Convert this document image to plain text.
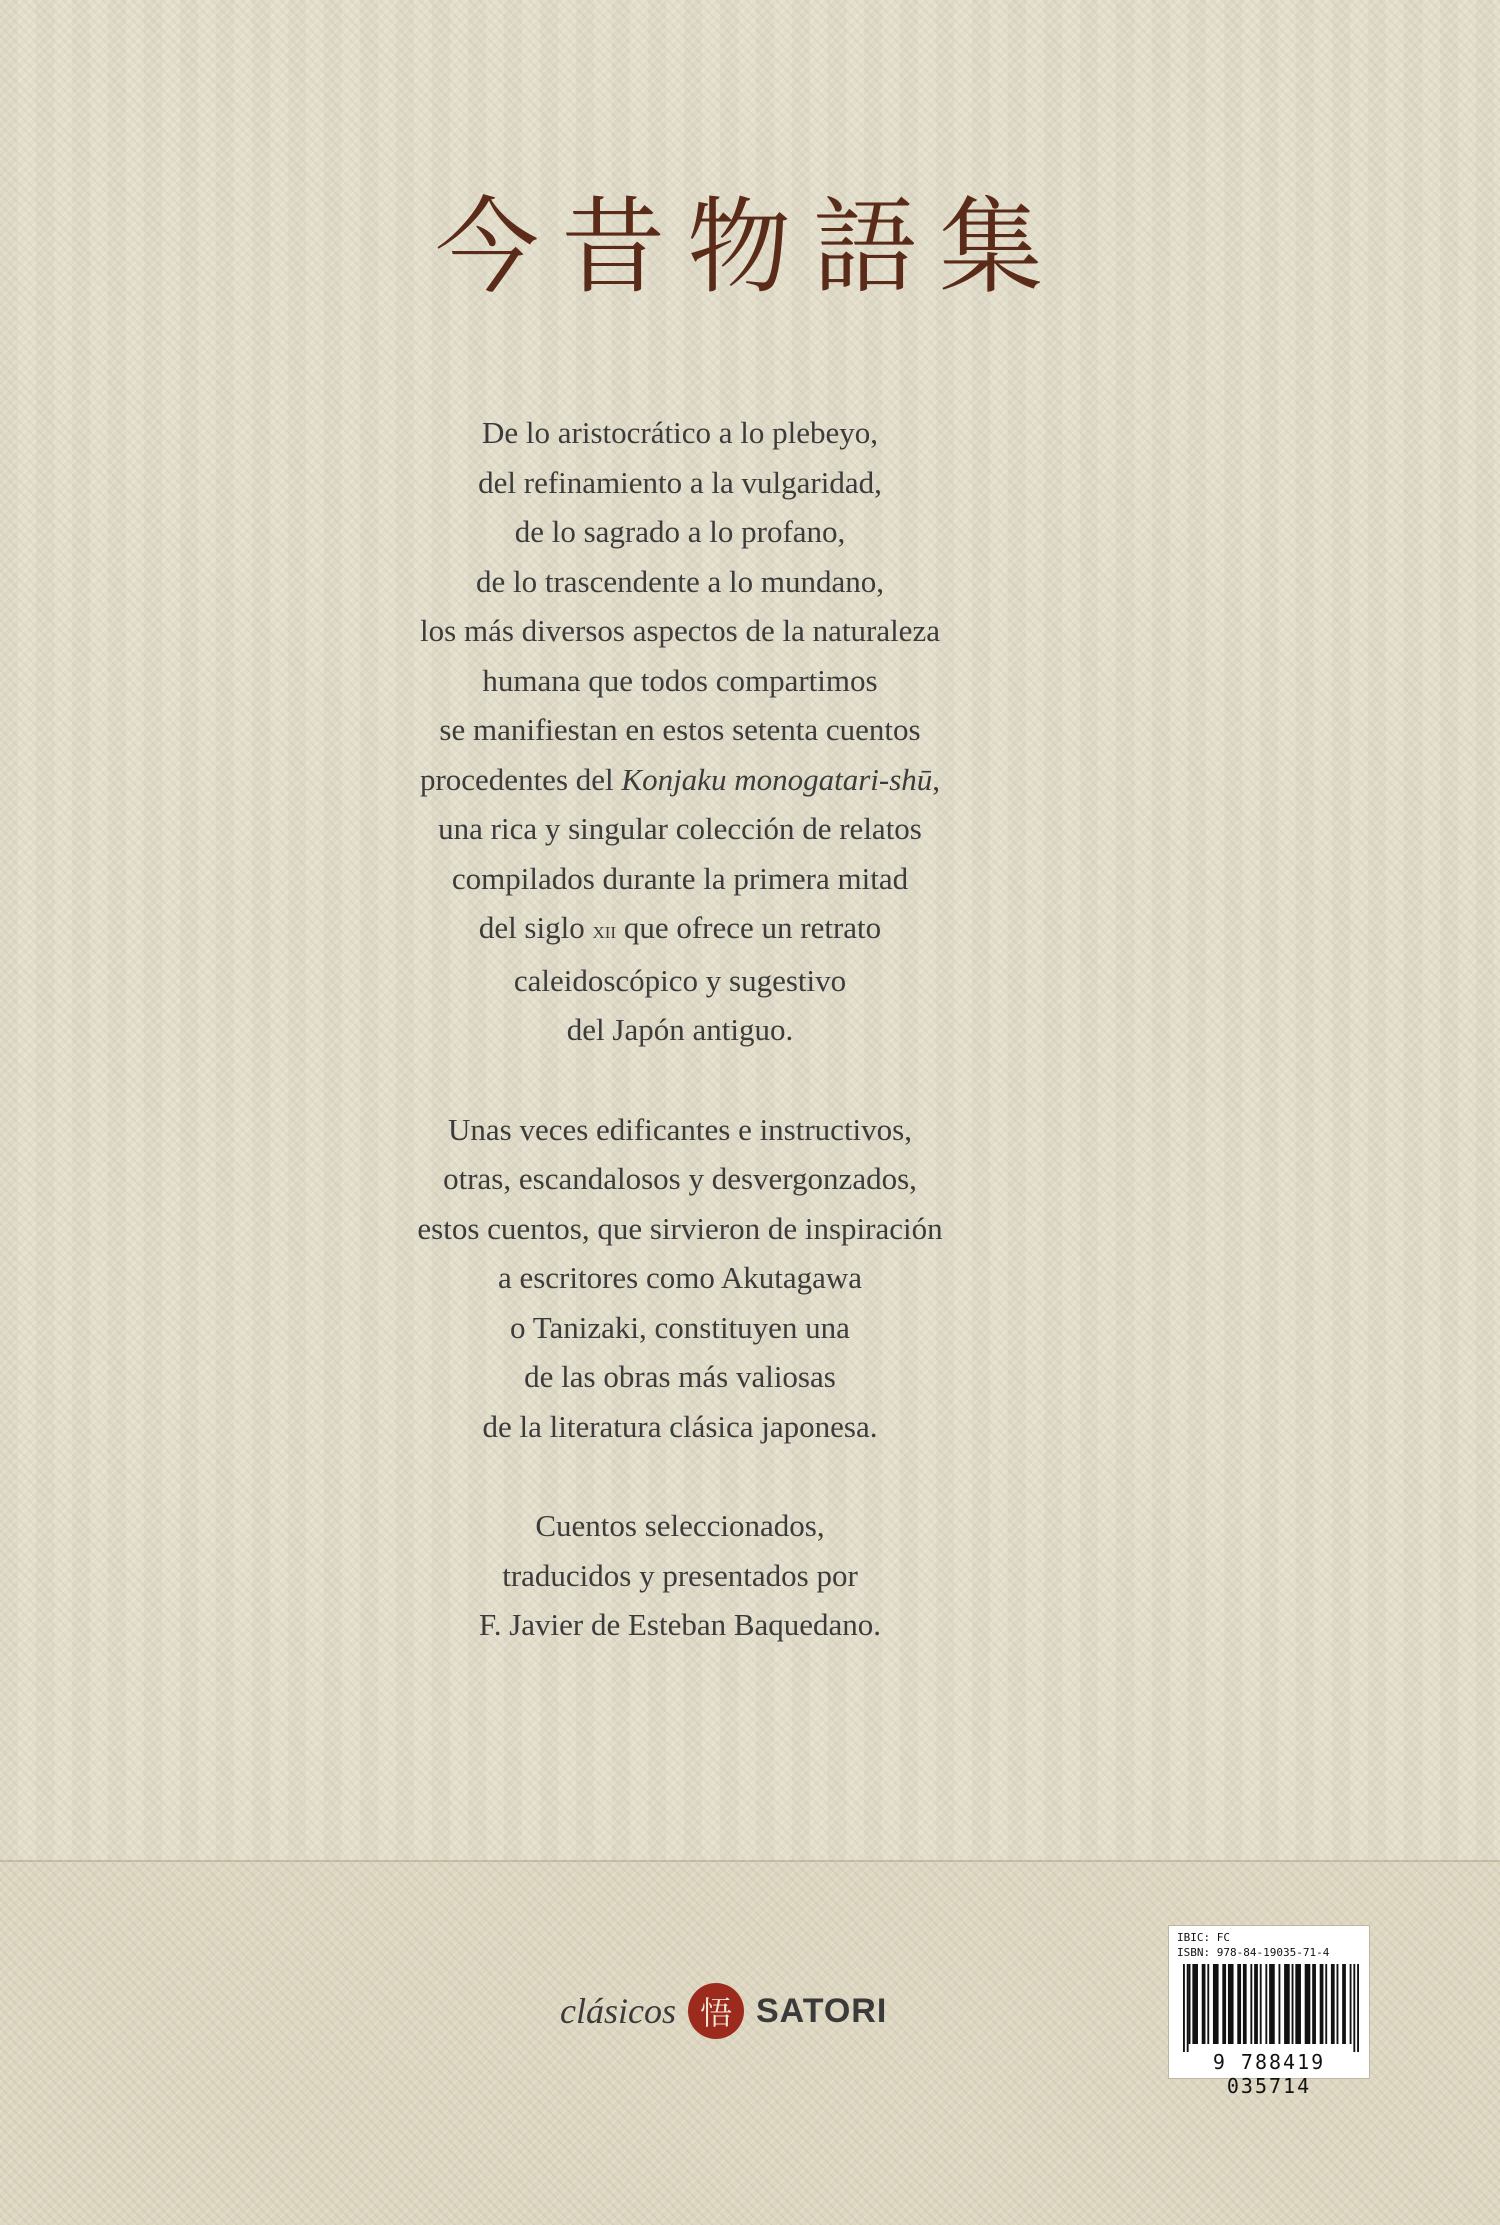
今昔物語集
De lo aristocrático a lo plebeyo,
del refinamiento a la vulgaridad,
de lo sagrado a lo profano,
de lo trascendente a lo mundano,
los más diversos aspectos de la naturaleza
humana que todos compartimos
se manifiestan en estos setenta cuentos
procedentes del Konjaku monogatari-shū,
una rica y singular colección de relatos
compilados durante la primera mitad
del siglo xii que ofrece un retrato
caleidoscópico y sugestivo
del Japón antiguo.
Unas veces edificantes e instructivos,
otras, escandalosos y desvergonzados,
estos cuentos, que sirvieron de inspiración
a escritores como Akutagawa
o Tanizaki, constituyen una
de las obras más valiosas
de la literatura clásica japonesa.
Cuentos seleccionados,
traducidos y presentados por
F. Javier de Esteban Baquedano.
clásicos 悟 SATORI
IBIC: FC
ISBN: 978-84-19035-71-4
9 788419 035714
